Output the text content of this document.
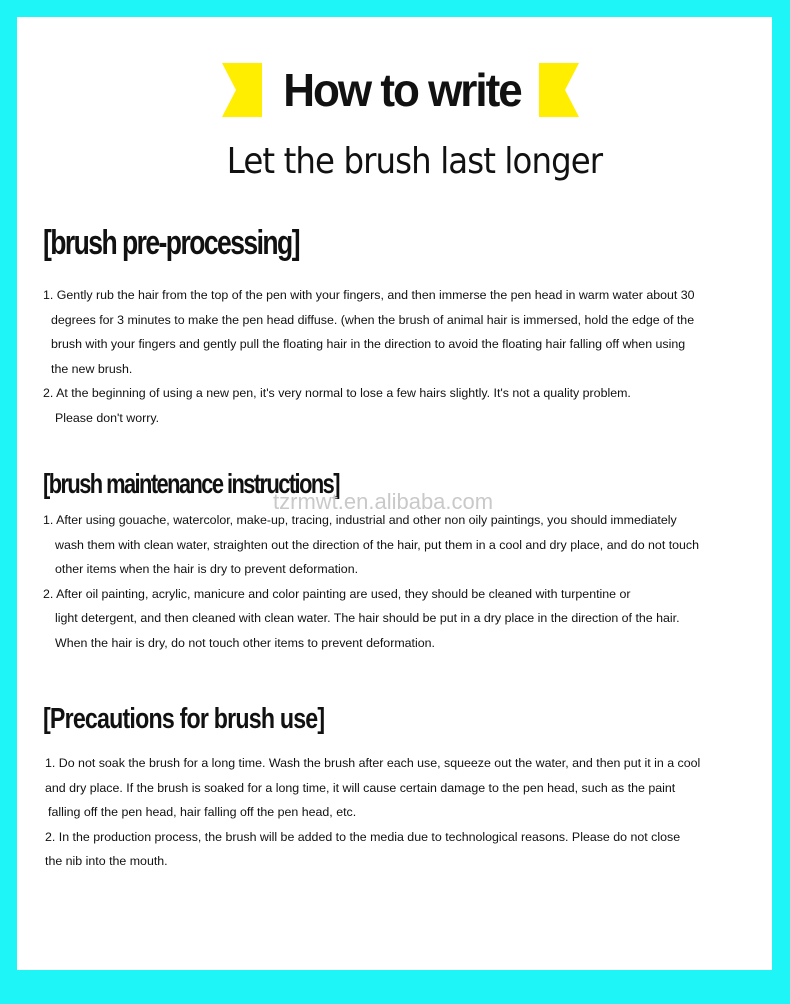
How to write
Let the brush last longer
[brush pre-processing]
1. Gently rub the hair from the top of the pen with your fingers, and then immerse the pen head in warm water about 30
degrees for 3 minutes to make the pen head diffuse. (when the brush of animal hair is immersed, hold the edge of the
brush with your fingers and gently pull the floating hair in the direction to avoid the floating hair falling off when using
the new brush.
2. At the beginning of using a new pen, it's very normal to lose a few hairs slightly. It's not a quality problem.
Please don't worry.
[brush maintenance instructions]
tzrmwt.en.alibaba.com
1. After using gouache, watercolor, make-up, tracing, industrial and other non oily paintings, you should immediately
wash them with clean water, straighten out the direction of the hair, put them in a cool and dry place, and do not touch
other items when the hair is dry to prevent deformation.
2. After oil painting, acrylic, manicure and color painting are used, they should be cleaned with turpentine or
light detergent, and then cleaned with clean water. The hair should be put in a dry place in the direction of the hair.
When the hair is dry, do not touch other items to prevent deformation.
[Precautions for brush use]
1. Do not soak the brush for a long time. Wash the brush after each use, squeeze out the water, and then put it in a cool
and dry place. If the brush is soaked for a long time, it will cause certain damage to the pen head, such as the paint
falling off the pen head, hair falling off the pen head, etc.
2. In the production process, the brush will be added to the media due to technological reasons. Please do not close
the nib into the mouth.
